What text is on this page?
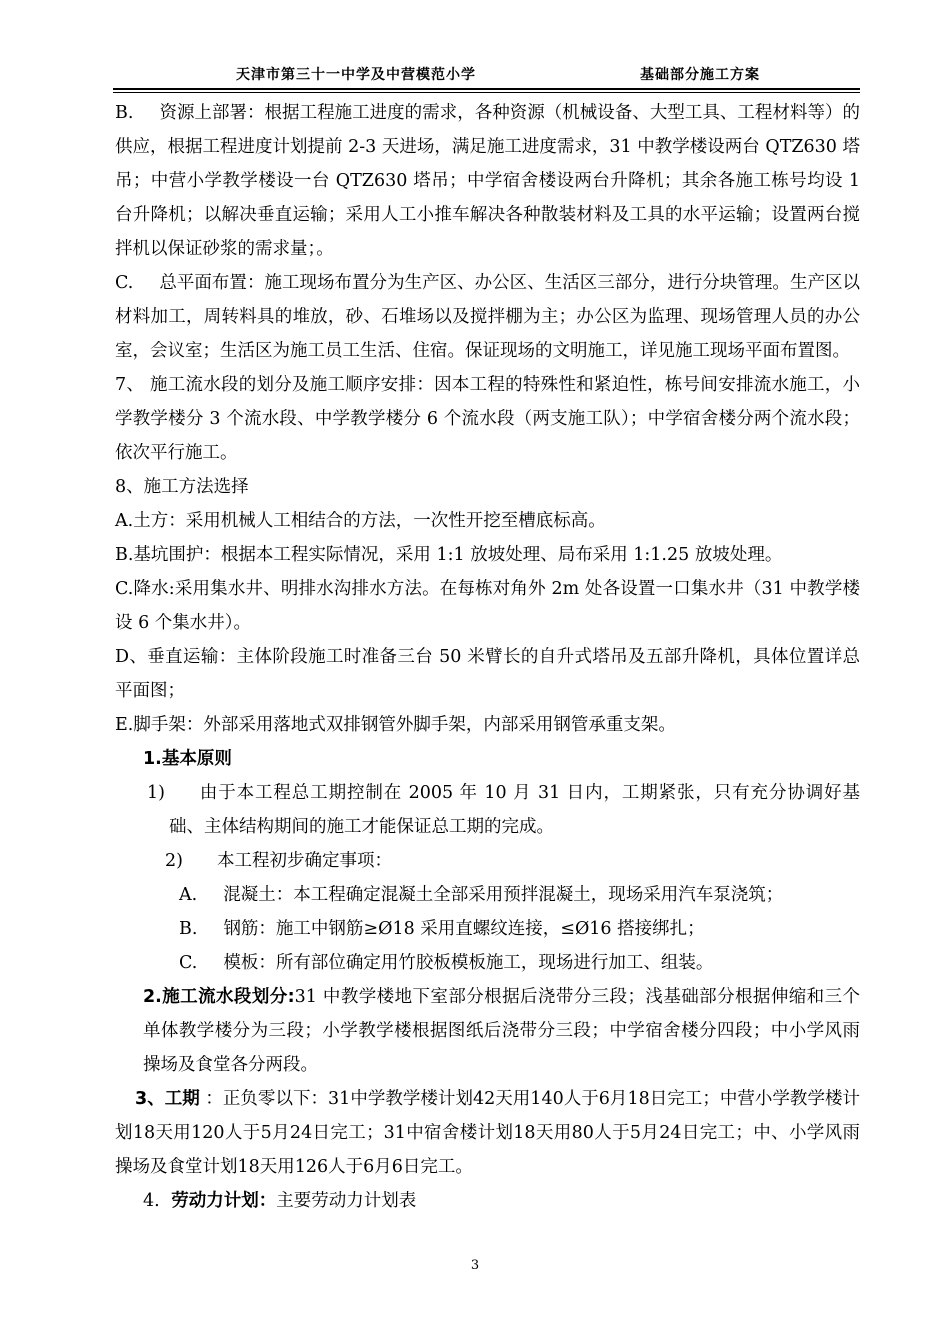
天津市第三十一中学及中营模范小学	基础部分施工方案

B. 资源上部署：根据工程施工进度的需求，各种资源（机械设备、大型工具、工程材料等）的供应，根据工程进度计划提前 2-3 天进场，满足施工进度需求，31 中教学楼设两台 QTZ630 塔吊；中营小学教学楼设一台 QTZ630 塔吊；中学宿舍楼设两台升降机；其余各施工栋号均设 1 台升降机；以解决垂直运输；采用人工小推车解决各种散装材料及工具的水平运输；设置两台搅拌机以保证砂浆的需求量；。

C. 总平面布置：施工现场布置分为生产区、办公区、生活区三部分，进行分块管理。生产区以材料加工，周转料具的堆放，砂、石堆场以及搅拌棚为主；办公区为监理、现场管理人员的办公室，会议室；生活区为施工员工生活、住宿。保证现场的文明施工，详见施工现场平面布置图。

7、 施工流水段的划分及施工顺序安排：因本工程的特殊性和紧迫性，栋号间安排流水施工，小学教学楼分 3 个流水段、中学教学楼分 6 个流水段（两支施工队）；中学宿舍楼分两个流水段；依次平行施工。

8、施工方法选择

A.土方：采用机械人工相结合的方法，一次性开挖至槽底标高。

B.基坑围护：根据本工程实际情况，采用 1:1 放坡处理、局布采用 1:1.25 放坡处理。

C.降水:采用集水井、明排水沟排水方法。在每栋对角外 2m 处各设置一口集水井（31 中教学楼设 6 个集水井）。

D、垂直运输：主体阶段施工时准备三台 50 米臂长的自升式塔吊及五部升降机，具体位置详总平面图；

E.脚手架：外部采用落地式双排钢管外脚手架，内部采用钢管承重支架。

1.基本原则

1) 由于本工程总工期控制在 2005 年 10 月 31 日内，工期紧张，只有充分协调好基础、主体结构期间的施工才能保证总工期的完成。

2) 本工程初步确定事项：

A. 混凝土：本工程确定混凝土全部采用预拌混凝土，现场采用汽车泵浇筑；

B. 钢筋：施工中钢筋≥Ø18 采用直螺纹连接，≤Ø16 搭接绑扎；

C. 模板：所有部位确定用竹胶板模板施工，现场进行加工、组装。

2.施工流水段划分:31 中教学楼地下室部分根据后浇带分三段；浅基础部分根据伸缩和三个单体教学楼分为三段；小学教学楼根据图纸后浇带分三段；中学宿舍楼分四段；中小学风雨操场及食堂各分两段。

3、工期 ：正负零以下：31中学教学楼计划42天用140人于6月18日完工；中营小学教学楼计划18天用120人于5月24日完工；31中宿舍楼计划18天用80人于5月24日完工；中、小学风雨操场及食堂计划18天用126人于6月6日完工。

4. 劳动力计划：主要劳动力计划表

3
